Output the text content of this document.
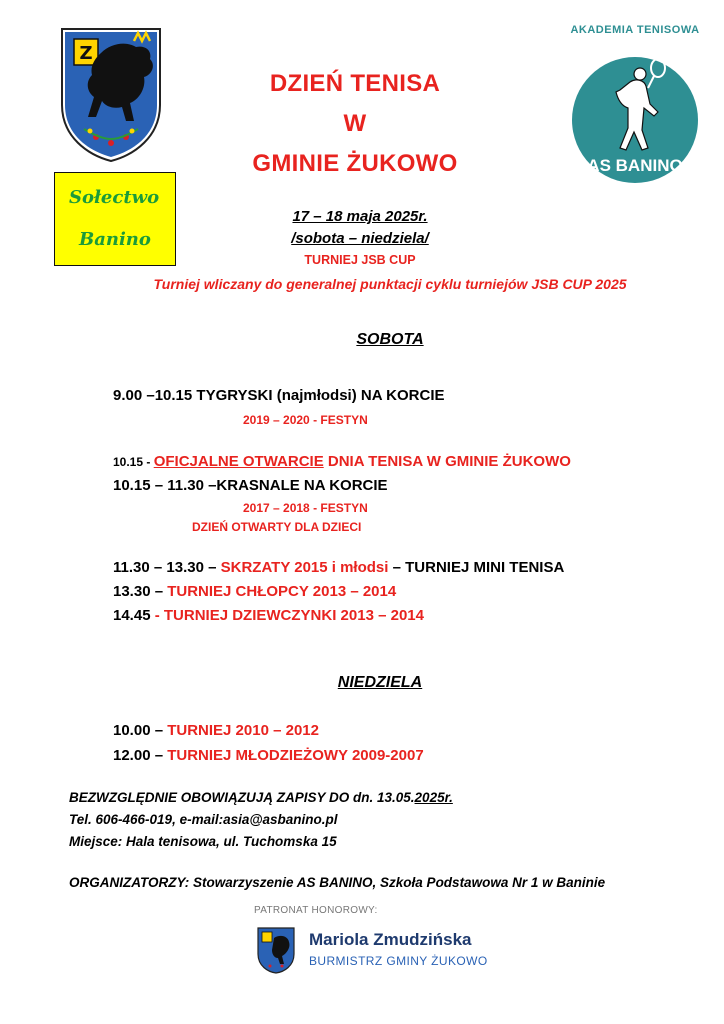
Z
Sołectwo
Banino
AKADEMIA TENISOWA
AS BANINO
DZIEŃ TENISA
W
GMINIE ŻUKOWO
17 – 18 maja 2025r.
/sobota – niedziela/
TURNIEJ JSB CUP
Turniej wliczany do generalnej punktacji cyklu turniejów JSB CUP 2025
SOBOTA
9.00 –10.15 TYGRYSKI (najmłodsi) NA KORCIE
2019 – 2020 - FESTYN
10.15 - OFICJALNE OTWARCIE DNIA TENISA W GMINIE ŻUKOWO
10.15 – 11.30 –KRASNALE NA KORCIE
2017 – 2018 - FESTYN
DZIEŃ OTWARTY DLA DZIECI
11.30 – 13.30 – SKRZATY 2015 i młodsi – TURNIEJ MINI TENISA
13.30 – TURNIEJ CHŁOPCY 2013 – 2014
14.45 - TURNIEJ DZIEWCZYNKI 2013 – 2014
NIEDZIELA
10.00 – TURNIEJ 2010 – 2012
12.00 – TURNIEJ MŁODZIEŻOWY 2009-2007
BEZWZGLĘDNIE OBOWIĄZUJĄ ZAPISY DO dn. 13.05.2025r.
Tel. 606-466-019, e-mail:asia@asbanino.pl
Miejsce: Hala tenisowa, ul. Tuchomska 15
ORGANIZATORZY: Stowarzyszenie AS BANINO, Szkoła Podstawowa Nr 1 w Baninie
PATRONAT HONOROWY:
Mariola Zmudzińska
BURMISTRZ GMINY ŻUKOWO
